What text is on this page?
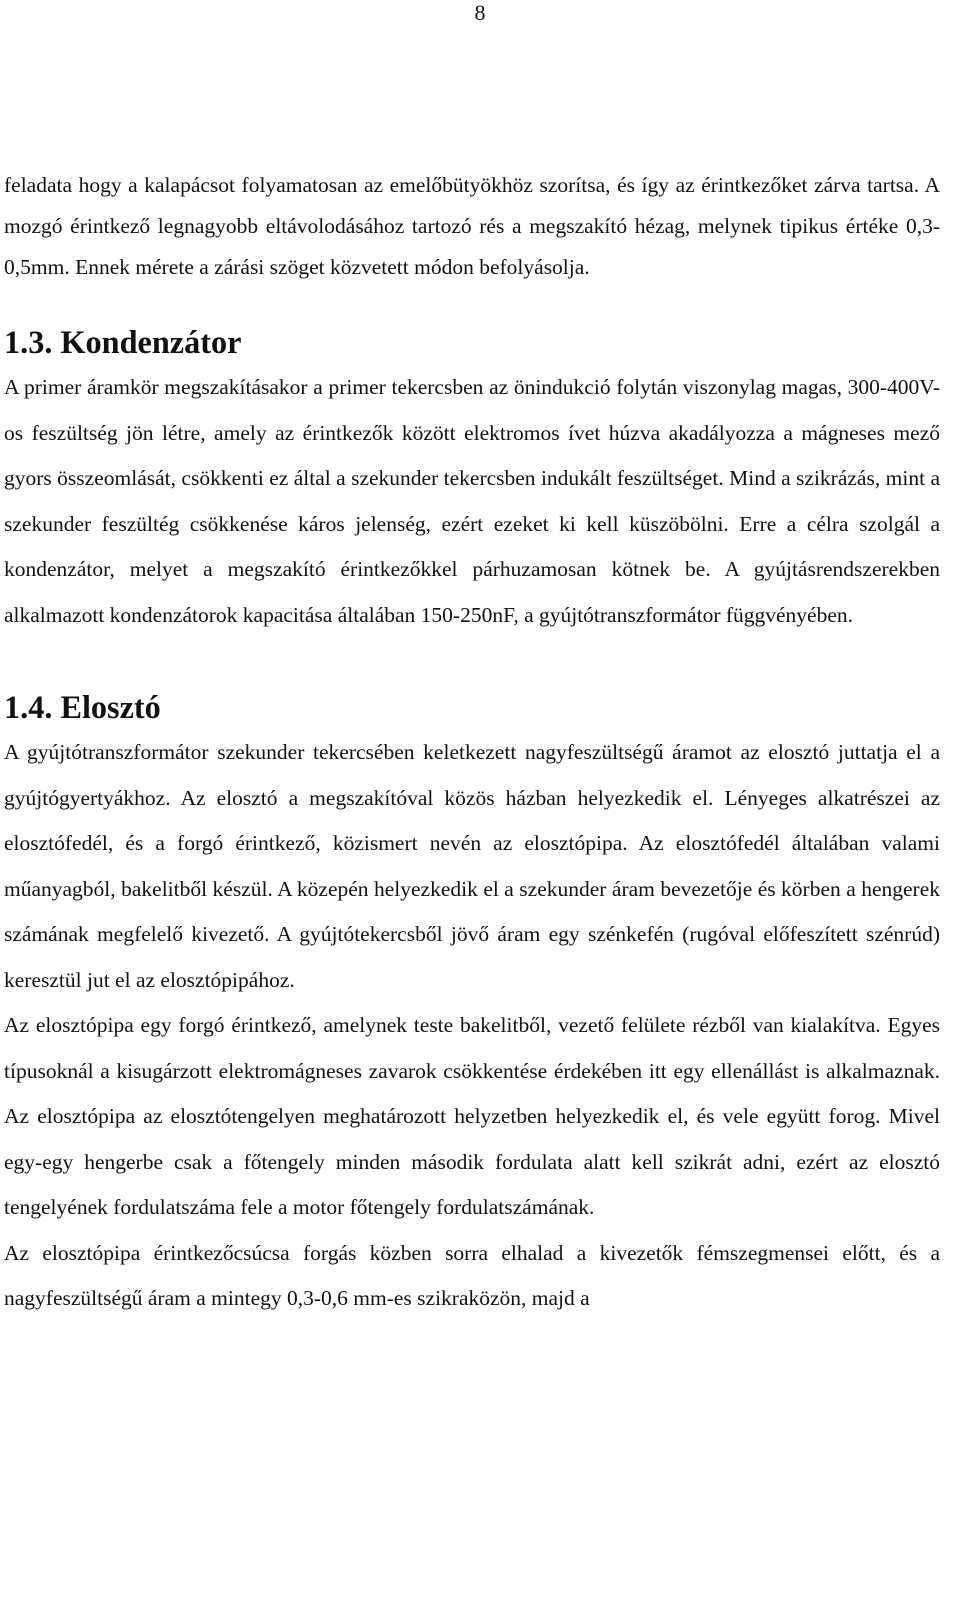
8

feladata hogy a kalapácsot folyamatosan az emelőbütyökhöz szorítsa, és így az érintkezőket zárva tartsa. A mozgó érintkező legnagyobb eltávolodásához tartozó rés a megszakító hézag, melynek tipikus értéke 0,3-0,5mm. Ennek mérete a zárási szöget közvetett módon befolyásolja.

1.3. Kondenzátor

A primer áramkör megszakításakor a primer tekercsben az önindukció folytán viszonylag magas, 300-400V-os feszültség jön létre, amely az érintkezők között elektromos ívet húzva akadályozza a mágneses mező gyors összeomlását, csökkenti ez által a szekunder tekercsben indukált feszültséget. Mind a szikrázás, mint a szekunder feszültég csökkenése káros jelenség, ezért ezeket ki kell küszöbölni. Erre a célra szolgál a kondenzátor, melyet a megszakító érintkezőkkel párhuzamosan kötnek be. A gyújtásrendszerekben alkalmazott kondenzátorok kapacitása általában 150-250nF, a gyújtótranszformátor függvényében.

1.4. Elosztó

A gyújtótranszformátor szekunder tekercsében keletkezett nagyfeszültségű áramot az elosztó juttatja el a gyújtógyertyákhoz. Az elosztó a megszakítóval közös házban helyezkedik el. Lényeges alkatrészei az elosztófedél, és a forgó érintkező, közismert nevén az elosztópipa. Az elosztófedél általában valami műanyagból, bakelitből készül. A közepén helyezkedik el a szekunder áram bevezetője és körben a hengerek számának megfelelő kivezető. A gyújtótekercsből jövő áram egy szénkefén (rugóval előfeszített szénrúd) keresztül jut el az elosztópipához.

Az elosztópipa egy forgó érintkező, amelynek teste bakelitből, vezető felülete rézből van kialakítva. Egyes típusoknál a kisugárzott elektromágneses zavarok csökkentése érdekében itt egy ellenállást is alkalmaznak. Az elosztópipa az elosztótengelyen meghatározott helyzetben helyezkedik el, és vele együtt forog. Mivel egy-egy hengerbe csak a főtengely minden második fordulata alatt kell szikrát adni, ezért az elosztó tengelyének fordulatszáma fele a motor főtengely fordulatszámának.

Az elosztópipa érintkezőcsúcsa forgás közben sorra elhalad a kivezetők fémszegmensei előtt, és a nagyfeszültségű áram a mintegy 0,3-0,6 mm-es szikraközön, majd a
